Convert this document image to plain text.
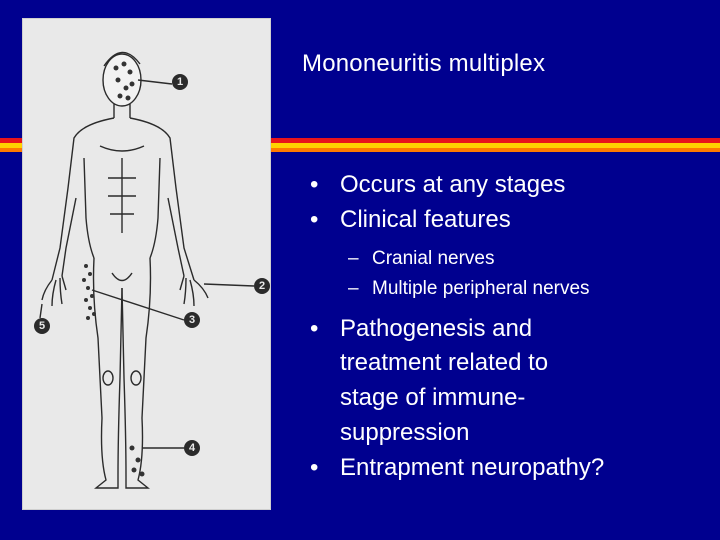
1
2
3
4
5
Mononeuritis multiplex
• Occurs at any stages
• Clinical features
– Cranial nerves
– Multiple peripheral nerves
• Pathogenesis and
treatment related to
stage of immune-
suppression
• Entrapment neuropathy?
